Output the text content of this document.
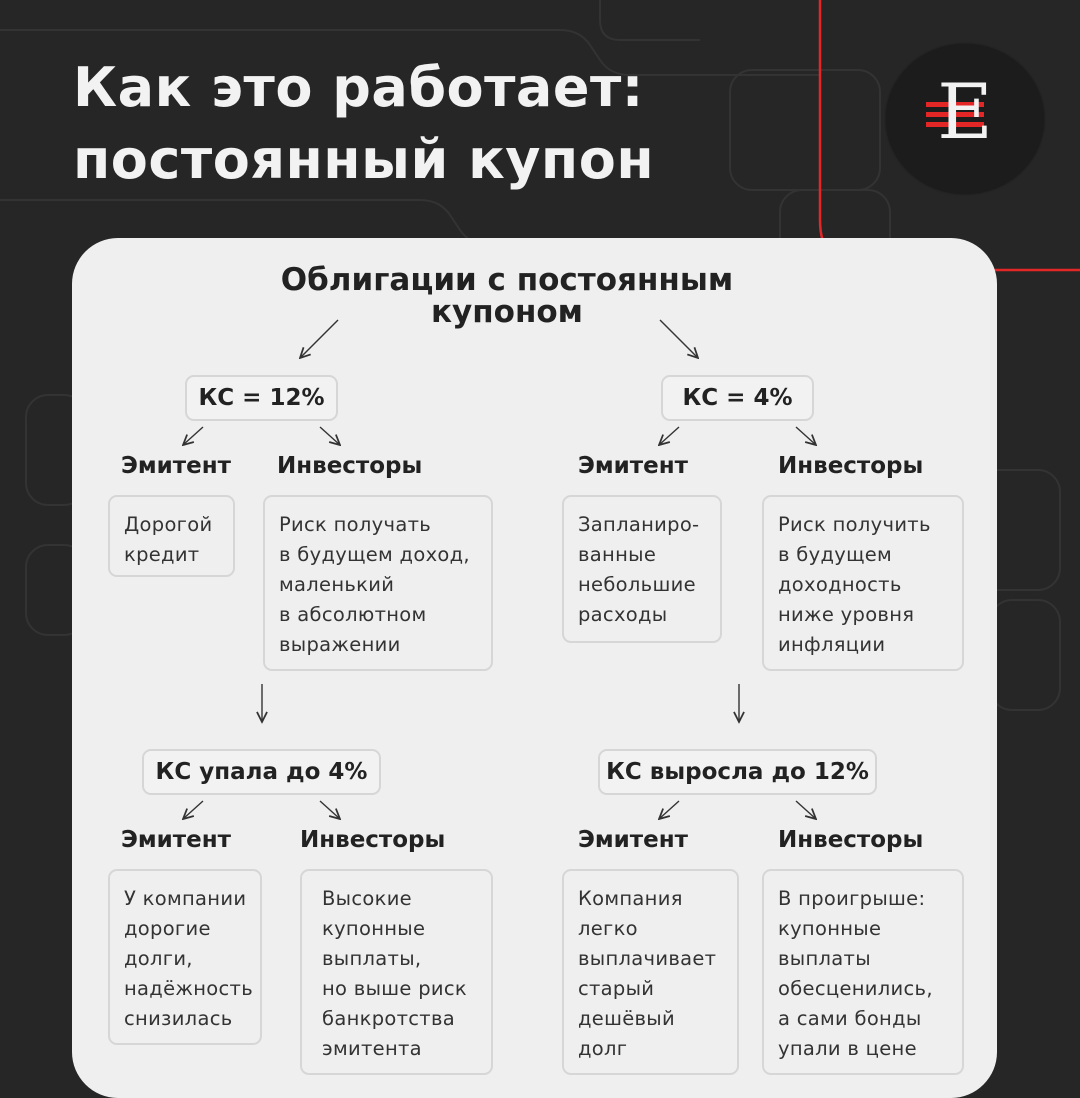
Как это работает:
постоянный купон
E
Облигации с постоянным
купоном
КС = 12%
Эмитент Инвесторы
Дорогой
кредит
Риск получать
в будущем доход,
маленький
в абсолютном
выражении
КС упала до 4%
Эмитент	Инвесторы
У компании
дорогие
долги,
надёжность
снизилась
Высокие
купонные
выплаты,
но выше риск
банкротства
эмитента
КС = 4%
Эмитент	Инвесторы
Запланиро-
ванные
небольшие
расходы
Риск получить
в будущем
доходность
ниже уровня
инфляции
КС выросла до 12%
Эмитент	Инвесторы
Компания
легко
выплачивает
старый
дешёвый
долг
В проигрыше:
купонные
выплаты
обесценились,
а сами бонды
упали в цене
